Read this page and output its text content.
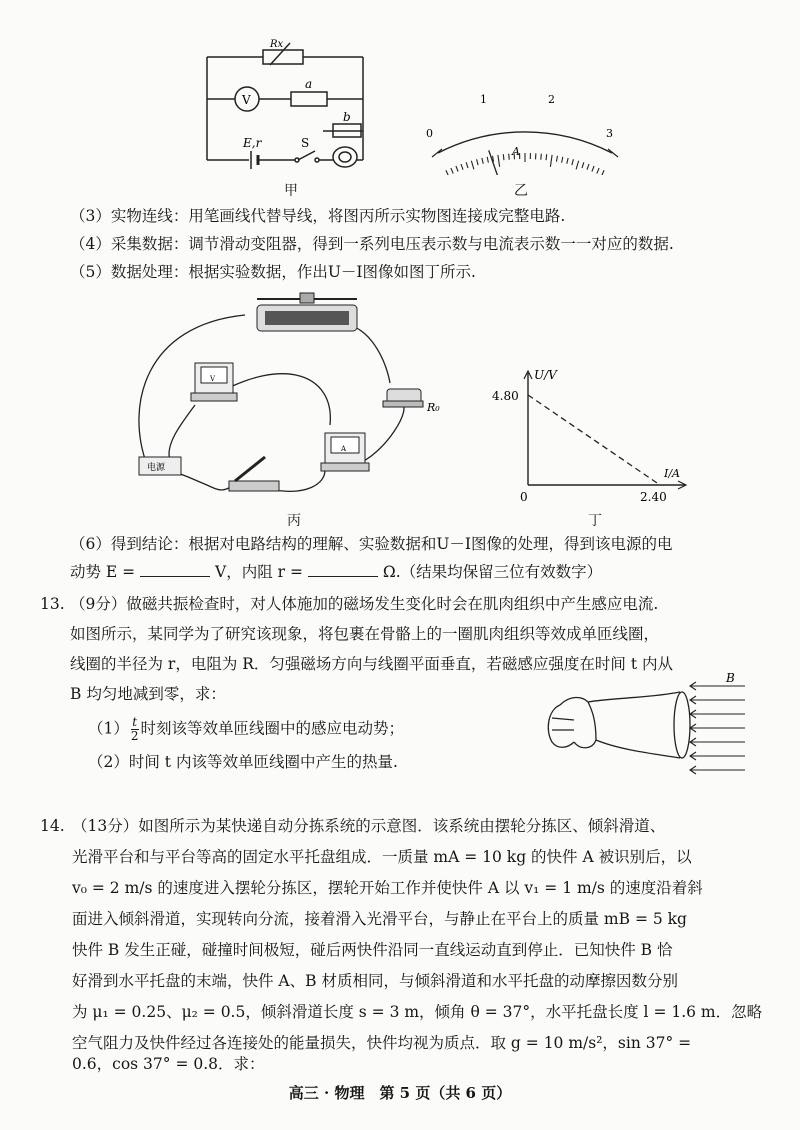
Rx
V
a
b
E,r	S
甲
0
1	2
3
A
乙
（3）实物连线：用笔画线代替导线，将图丙所示实物图连接成完整电路.
（4）采集数据：调节滑动变阻器，得到一系列电压表示数与电流表示数一一对应的数据.
（5）数据处理：根据实验数据，作出U－I图像如图丁所示.
V
R₀
A
电源
丙
U/V
4.80
I/A
2.40
0
丁
（6）得到结论：根据对电路结构的理解、实验数据和U－I图像的处理，得到该电源的电
动势 E =	V，内阻 r =	Ω.（结果均保留三位有效数字）
13. （9分）做磁共振检查时，对人体施加的磁场发生变化时会在肌肉组织中产生感应电流.
如图所示，某同学为了研究该现象，将包裹在骨骼上的一圈肌肉组织等效成单匝线圈，
线圈的半径为 r，电阻为 R．匀强磁场方向与线圈平面垂直，若磁感应强度在时间 t 内从
B 均匀地减到零，求：
$(1) \frac{t}{2}$ 时刻该等效单匝线圈中的感应电动势；
（2）时间 t 内该等效单匝线圈中产生的热量.
B
14. （13分）如图所示为某快递自动分拣系统的示意图．该系统由摆轮分拣区、倾斜滑道、
光滑平台和与平台等高的固定水平托盘组成．一质量 mA = 10 kg 的快件 A 被识别后，以
v₀ = 2 m/s 的速度进入摆轮分拣区，摆轮开始工作并使快件 A 以 v₁ = 1 m/s 的速度沿着斜
面进入倾斜滑道，实现转向分流，接着滑入光滑平台，与静止在平台上的质量 mB = 5 kg
快件 B 发生正碰，碰撞时间极短，碰后两快件沿同一直线运动直到停止．已知快件 B 恰
好滑到水平托盘的末端，快件 A、B 材质相同，与倾斜滑道和水平托盘的动摩擦因数分别
为 μ₁ = 0.25、μ₂ = 0.5，倾斜滑道长度 s = 3 m，倾角 θ = 37°，水平托盘长度 l = 1.6 m．忽略
空气阻力及快件经过各连接处的能量损失，快件均视为质点．取 g = 10 m/s²，sin 37° =
0.6，cos 37° = 0.8．求：
高三 · 物理　第 5 页（共 6 页）
